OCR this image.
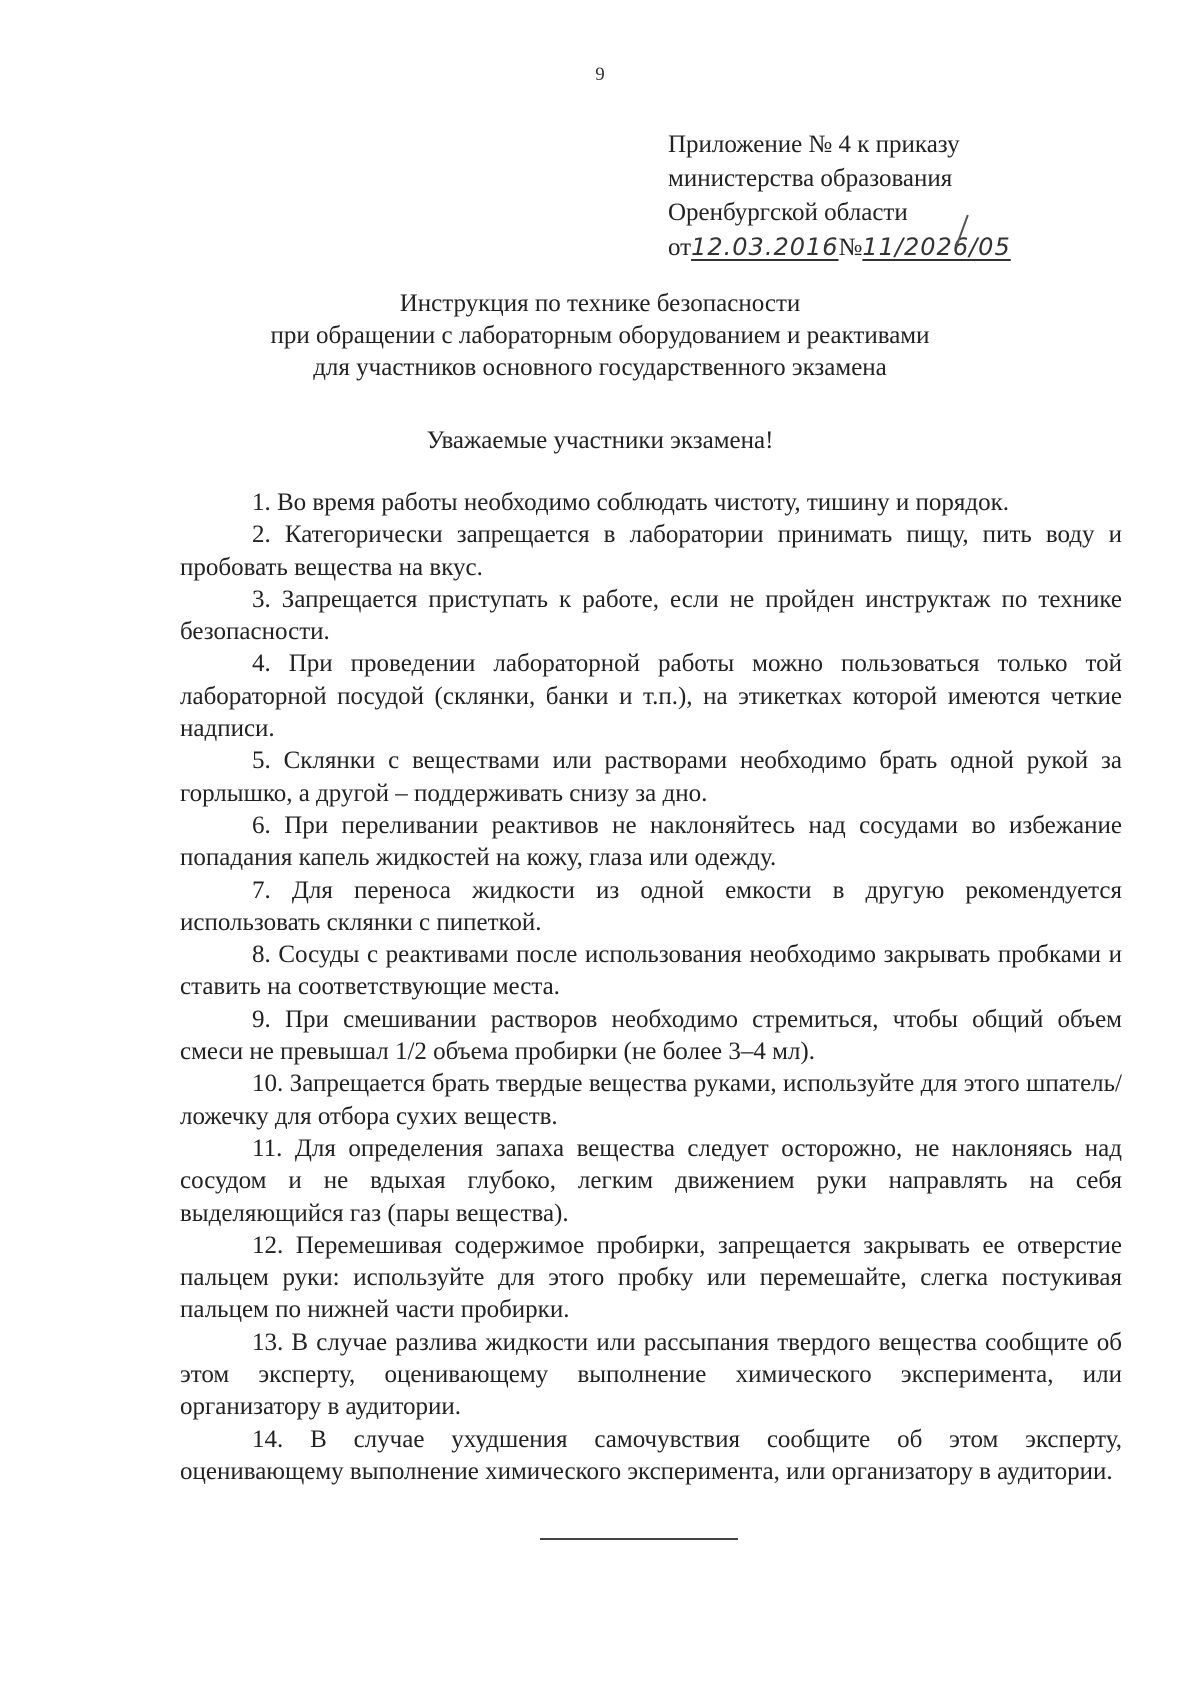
9
Приложение № 4 к приказу
министерства образования
Оренбургской области
от12.03.2016№11/2026/05
Инструкция по технике безопасности
при обращении с лабораторным оборудованием и реактивами
для участников основного государственного экзамена
Уважаемые участники экзамена!

1. Во время работы необходимо соблюдать чистоту, тишину и порядок.

2. Категорически запрещается в лаборатории принимать пищу, пить воду и пробовать вещества на вкус.

3. Запрещается приступать к работе, если не пройден инструктаж по технике безопасности.

4. При проведении лабораторной работы можно пользоваться только той лабораторной посудой (склянки, банки и т.п.), на этикетках которой имеются четкие надписи.

5. Склянки с веществами или растворами необходимо брать одной рукой за горлышко, а другой – поддерживать снизу за дно.

6. При переливании реактивов не наклоняйтесь над сосудами во избежание попадания капель жидкостей на кожу, глаза или одежду.

7. Для переноса жидкости из одной емкости в другую рекомендуется использовать склянки с пипеткой.

8. Сосуды с реактивами после использования необходимо закрывать пробками и ставить на соответствующие места.

9. При смешивании растворов необходимо стремиться, чтобы общий объем смеси не превышал 1/2 объема пробирки (не более 3–4 мл).

10. Запрещается брать твердые вещества руками, используйте для этого шпатель/ложечку для отбора сухих веществ.

11. Для определения запаха вещества следует осторожно, не наклоняясь над сосудом и не вдыхая глубоко, легким движением руки направлять на себя выделяющийся газ (пары вещества).

12. Перемешивая содержимое пробирки, запрещается закрывать ее отверстие пальцем руки: используйте для этого пробку или перемешайте, слегка постукивая пальцем по нижней части пробирки.

13. В случае разлива жидкости или рассыпания твердого вещества сообщите об этом эксперту, оценивающему выполнение химического эксперимента, или организатору в аудитории.

14. В случае ухудшения самочувствия сообщите об этом эксперту, оценивающему выполнение химического эксперимента, или организатору в аудитории.
